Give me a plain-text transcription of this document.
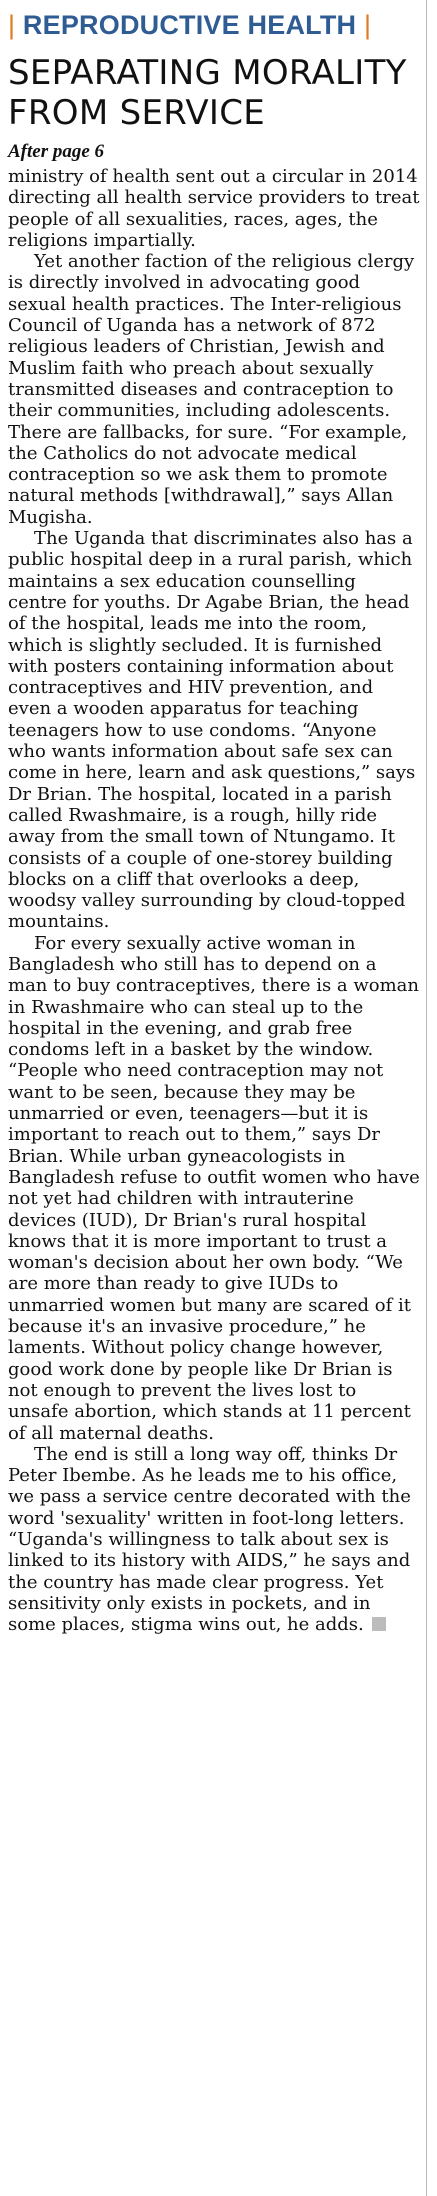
| REPRODUCTIVE HEALTH |
SEPARATING MORALITY
FROM SERVICE
After page 6

ministry of health sent out a circular in 2014 directing all health service providers to treat people of all sexualities, races, ages, the religions impartially.

Yet another faction of the religious clergy is directly involved in advocating good sexual health practices. The Inter-religious Council of Uganda has a network of 872 religious leaders of Christian, Jewish and Muslim faith who preach about sexually transmitted diseases and contraception to their communities, including adolescents. There are fallbacks, for sure. “For example, the Catholics do not advocate medical contraception so we ask them to promote natural methods [withdrawal],” says Allan Mugisha.

The Uganda that discriminates also has a public hospital deep in a rural parish, which maintains a sex education counselling centre for youths. Dr Agabe Brian, the head of the hospital, leads me into the room, which is slightly secluded. It is furnished with posters containing information about contraceptives and HIV prevention, and even a wooden apparatus for teaching teenagers how to use condoms. “Anyone who wants information about safe sex can come in here, learn and ask questions,” says Dr Brian. The hospital, located in a parish called Rwashmaire, is a rough, hilly ride away from the small town of Ntungamo. It consists of a couple of one-storey building blocks on a cliff that overlooks a deep, woodsy valley surrounding by cloud-topped mountains.

For every sexually active woman in Bangladesh who still has to depend on a man to buy contraceptives, there is a woman in Rwashmaire who can steal up to the hospital in the evening, and grab free condoms left in a basket by the window. “People who need contraception may not want to be seen, because they may be unmarried or even, teenagers—but it is important to reach out to them,” says Dr Brian. While urban gyneacologists in Bangladesh refuse to outfit women who have not yet had children with intrauterine devices (IUD), Dr Brian's rural hospital knows that it is more important to trust a woman's decision about her own body. “We are more than ready to give IUDs to unmarried women but many are scared of it because it's an invasive procedure,” he laments. Without policy change however, good work done by people like Dr Brian is not enough to prevent the lives lost to unsafe abortion, which stands at 11 percent of all maternal deaths.

The end is still a long way off, thinks Dr Peter Ibembe. As he leads me to his office, we pass a service centre decorated with the word 'sexuality' written in foot-long letters. “Uganda's willingness to talk about sex is linked to its history with AIDS,” he says and the country has made clear progress. Yet sensitivity only exists in pockets, and in some places, stigma wins out, he adds.
